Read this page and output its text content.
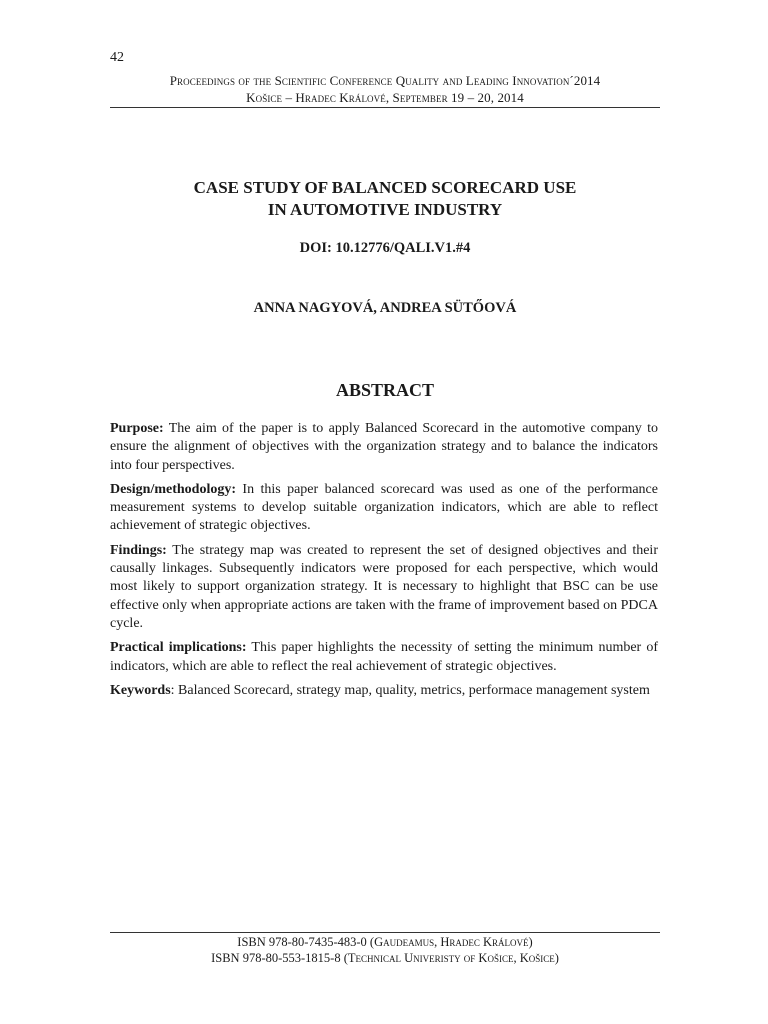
42
Proceedings of the Scientific Conference Quality and Leading Innovation´2014
Košice – Hradec Králové, September 19 – 20, 2014
CASE STUDY OF BALANCED SCORECARD USE
IN AUTOMOTIVE INDUSTRY
DOI: 10.12776/QALI.V1.#4
ANNA NAGYOVÁ, ANDREA SÜTŐOVÁ
ABSTRACT

Purpose: The aim of the paper is to apply Balanced Scorecard in the automotive company to ensure the alignment of objectives with the organization strategy and to balance the indicators into four perspectives.

Design/methodology: In this paper balanced scorecard was used as one of the performance measurement systems to develop suitable organization indicators, which are able to reflect achievement of strategic objectives.

Findings: The strategy map was created to represent the set of designed objectives and their causally linkages. Subsequently indicators were proposed for each perspective, which would most likely to support organization strategy. It is necessary to highlight that BSC can be use effective only when appropriate actions are taken with the frame of improvement based on PDCA cycle.

Practical implications: This paper highlights the necessity of setting the minimum number of indicators, which are able to reflect the real achievement of strategic objectives.

Keywords: Balanced Scorecard, strategy map, quality, metrics, performace management system

ISBN 978-80-7435-483-0 (Gaudeamus, Hradec Králové)
ISBN 978-80-553-1815-8 (Technical Univeristy of Košice, Košice)
